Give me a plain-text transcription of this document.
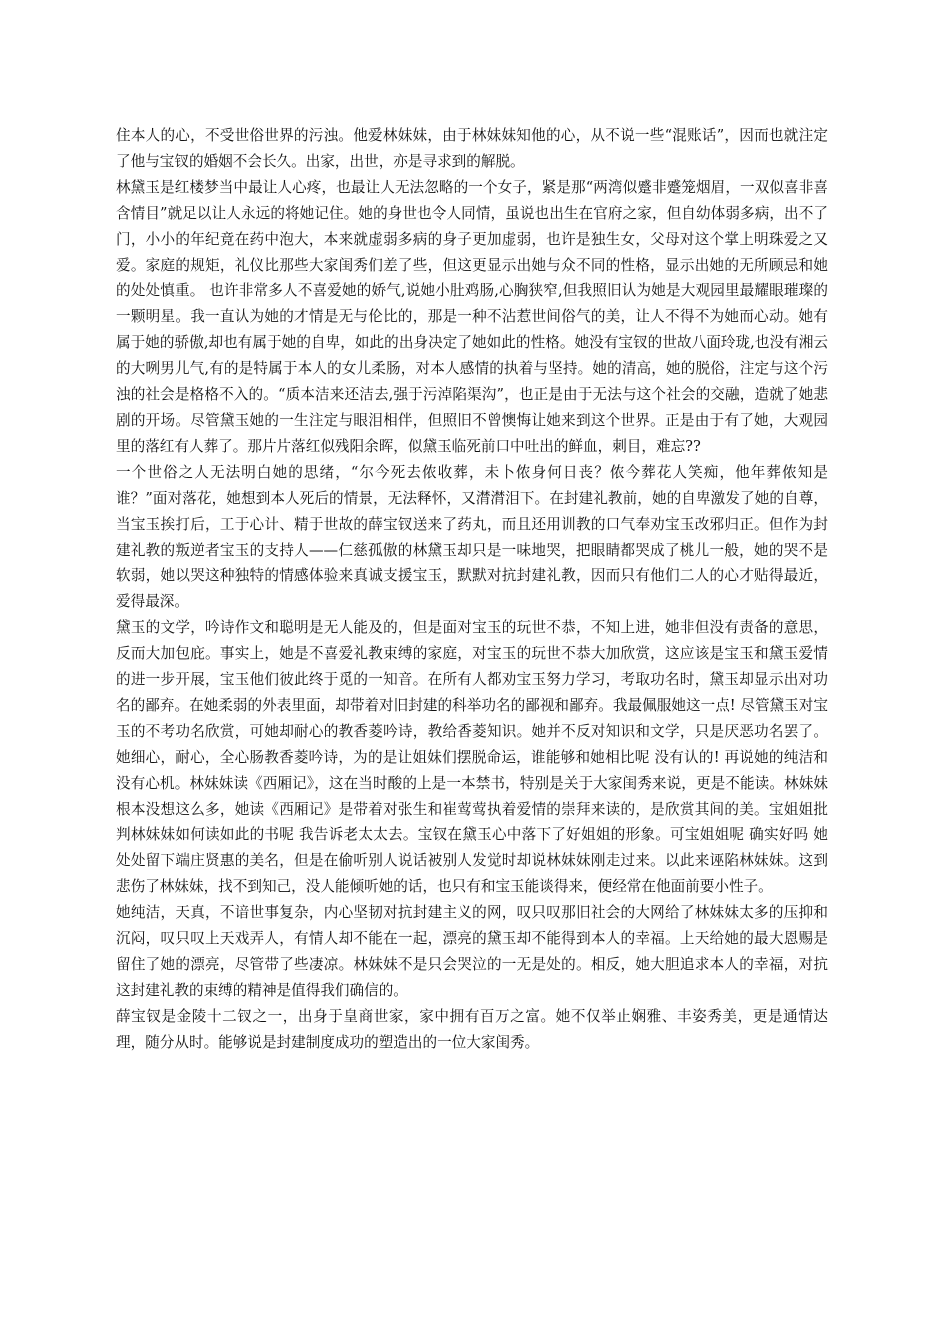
住本人的心，不受世俗世界的污浊。他爱林妹妹，由于林妹妹知他的心，从不说一些“混账话”，因而也就注定了他与宝钗的婚姻不会长久。出家，出世，亦是寻求到的解脱。

林黛玉是红楼梦当中最让人心疼，也最让人无法忽略的一个女子，紧是那“两湾似蹙非蹙笼烟眉，一双似喜非喜含情目”就足以让人永远的将她记住。她的身世也令人同情，虽说也出生在官府之家，但自幼体弱多病，出不了门，小小的年纪竟在药中泡大，本来就虚弱多病的身子更加虚弱，也许是独生女，父母对这个掌上明珠爱之又爱。家庭的规矩，礼仪比那些大家闺秀们差了些，但这更显示出她与众不同的性格，显示出她的无所顾忌和她的处处慎重。 也许非常多人不喜爱她的娇气,说她小肚鸡肠,心胸狭窄,但我照旧认为她是大观园里最耀眼璀璨的一颗明星。我一直认为她的才情是无与伦比的，那是一种不沾惹世间俗气的美，让人不得不为她而心动。她有属于她的骄傲,却也有属于她的自卑，如此的出身决定了她如此的性格。她没有宝钗的世故八面玲珑,也没有湘云的大咧男儿气,有的是特属于本人的女儿柔肠，对本人感情的执着与坚持。她的清高，她的脱俗，注定与这个污浊的社会是格格不入的。“质本洁来还洁去,强于污淖陷渠沟”，也正是由于无法与这个社会的交融，造就了她悲剧的开场。尽管黛玉她的一生注定与眼泪相伴，但照旧不曾懊悔让她来到这个世界。正是由于有了她，大观园里的落红有人葬了。那片片落红似残阳余晖，似黛玉临死前口中吐出的鲜血，刺目，难忘??

一个世俗之人无法明白她的思绪，“尔今死去侬收葬，未卜侬身何日丧？侬今葬花人笑痴，他年葬侬知是谁？”面对落花，她想到本人死后的情景，无法释怀，又潸潸泪下。在封建礼教前，她的自卑激发了她的自尊，当宝玉挨打后，工于心计、精于世故的薛宝钗送来了药丸，而且还用训教的口气奉劝宝玉改邪归正。但作为封建礼教的叛逆者宝玉的支持人——仁慈孤傲的林黛玉却只是一味地哭，把眼睛都哭成了桃儿一般，她的哭不是软弱，她以哭这种独特的情感体验来真诚支援宝玉，默默对抗封建礼教，因而只有他们二人的心才贴得最近，爱得最深。

黛玉的文学，吟诗作文和聪明是无人能及的，但是面对宝玉的玩世不恭，不知上进，她非但没有责备的意思，反而大加包庇。事实上，她是不喜爱礼教束缚的家庭，对宝玉的玩世不恭大加欣赏，这应该是宝玉和黛玉爱情的进一步开展，宝玉他们彼此终于觅的一知音。在所有人都劝宝玉努力学习，考取功名时，黛玉却显示出对功名的鄙弃。在她柔弱的外表里面，却带着对旧封建的科举功名的鄙视和鄙弃。我最佩服她这一点! 尽管黛玉对宝玉的不考功名欣赏，可她却耐心的教香菱吟诗，教给香菱知识。她并不反对知识和文学，只是厌恶功名罢了。她细心，耐心，全心肠教香菱吟诗，为的是让姐妹们摆脱命运，谁能够和她相比呢 没有认的! 再说她的纯洁和没有心机。林妹妹读《西厢记》，这在当时酸的上是一本禁书，特别是关于大家闺秀来说，更是不能读。林妹妹根本没想这么多，她读《西厢记》是带着对张生和崔莺莺执着爱情的崇拜来读的，是欣赏其间的美。宝姐姐批判林妹妹如何读如此的书呢 我告诉老太太去。宝钗在黛玉心中落下了好姐姐的形象。可宝姐姐呢 确实好吗 她处处留下端庄贤惠的美名，但是在偷听别人说话被别人发觉时却说林妹妹刚走过来。以此来诬陷林妹妹。这到悲伤了林妹妹，找不到知己，没人能倾听她的话，也只有和宝玉能谈得来，便经常在他面前要小性子。

她纯洁，天真，不谙世事复杂，内心坚韧对抗封建主义的网，叹只叹那旧社会的大网给了林妹妹太多的压抑和沉闷，叹只叹上天戏弄人，有情人却不能在一起，漂亮的黛玉却不能得到本人的幸福。上天给她的最大恩赐是留住了她的漂亮，尽管带了些凄凉。林妹妹不是只会哭泣的一无是处的。相反，她大胆追求本人的幸福，对抗这封建礼教的束缚的精神是值得我们确信的。

薛宝钗是金陵十二钗之一，出身于皇商世家，家中拥有百万之富。她不仅举止娴雅、丰姿秀美，更是通情达理，随分从时。能够说是封建制度成功的塑造出的一位大家闺秀。
